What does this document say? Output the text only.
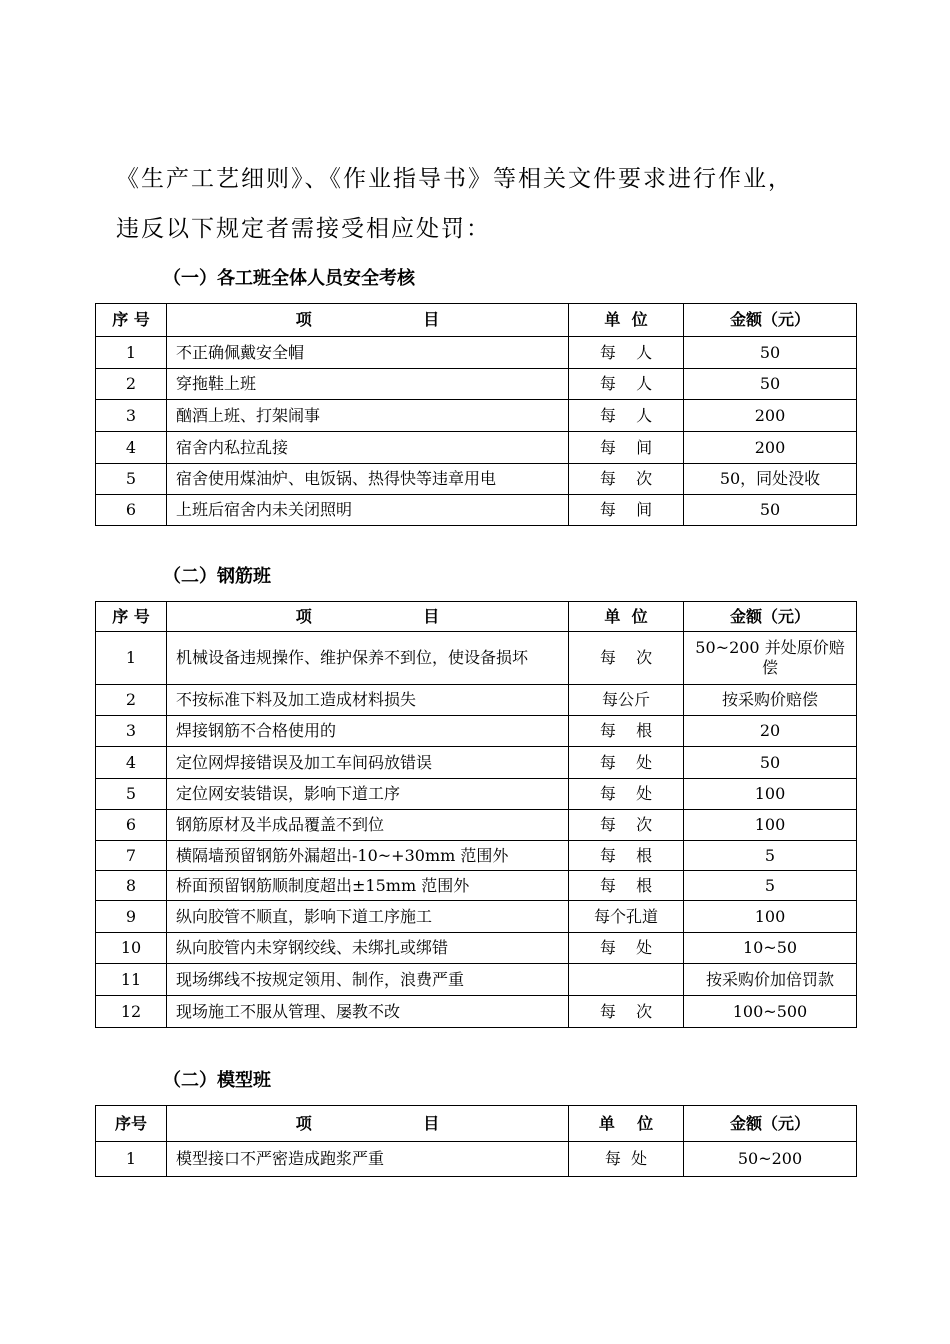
《生产工艺细则》、《作业指导书》等相关文件要求进行作业，
违反以下规定者需接受相应处罚：
（一）各工班全体人员安全考核
序 号	项                    目	单  位	金额（元）
1	不正确佩戴安全帽	每    人	50
2	穿拖鞋上班	每    人	50
3	酗酒上班、打架闹事	每    人	200
4	宿舍内私拉乱接	每    间	200
5	宿舍使用煤油炉、电饭锅、热得快等违章用电	每    次	50，同处没收
6	上班后宿舍内未关闭照明	每    间	50
（二）钢筋班
序 号	项                    目	单  位	金额（元）
1	机械设备违规操作、维护保养不到位，使设备损坏	每    次	50~200 并处原价赔偿
2	不按标准下料及加工造成材料损失	每公斤	按采购价赔偿
3	焊接钢筋不合格使用的	每    根	20
4	定位网焊接错误及加工车间码放错误	每    处	50
5	定位网安装错误，影响下道工序	每    处	100
6	钢筋原材及半成品覆盖不到位	每    次	100
7	横隔墙预留钢筋外漏超出-10~+30mm 范围外	每    根	5
8	桥面预留钢筋顺制度超出±15mm 范围外	每    根	5
9	纵向胶管不顺直，影响下道工序施工	每个孔道	100
10	纵向胶管内未穿钢绞线、未绑扎或绑错	每    处	10~50
11	现场绑线不按规定领用、制作，浪费严重		按采购价加倍罚款
12	现场施工不服从管理、屡教不改	每    次	100~500
（二）模型班
序号	项                    目	单    位	金额（元）
1	模型接口不严密造成跑浆严重	每  处	50~200
